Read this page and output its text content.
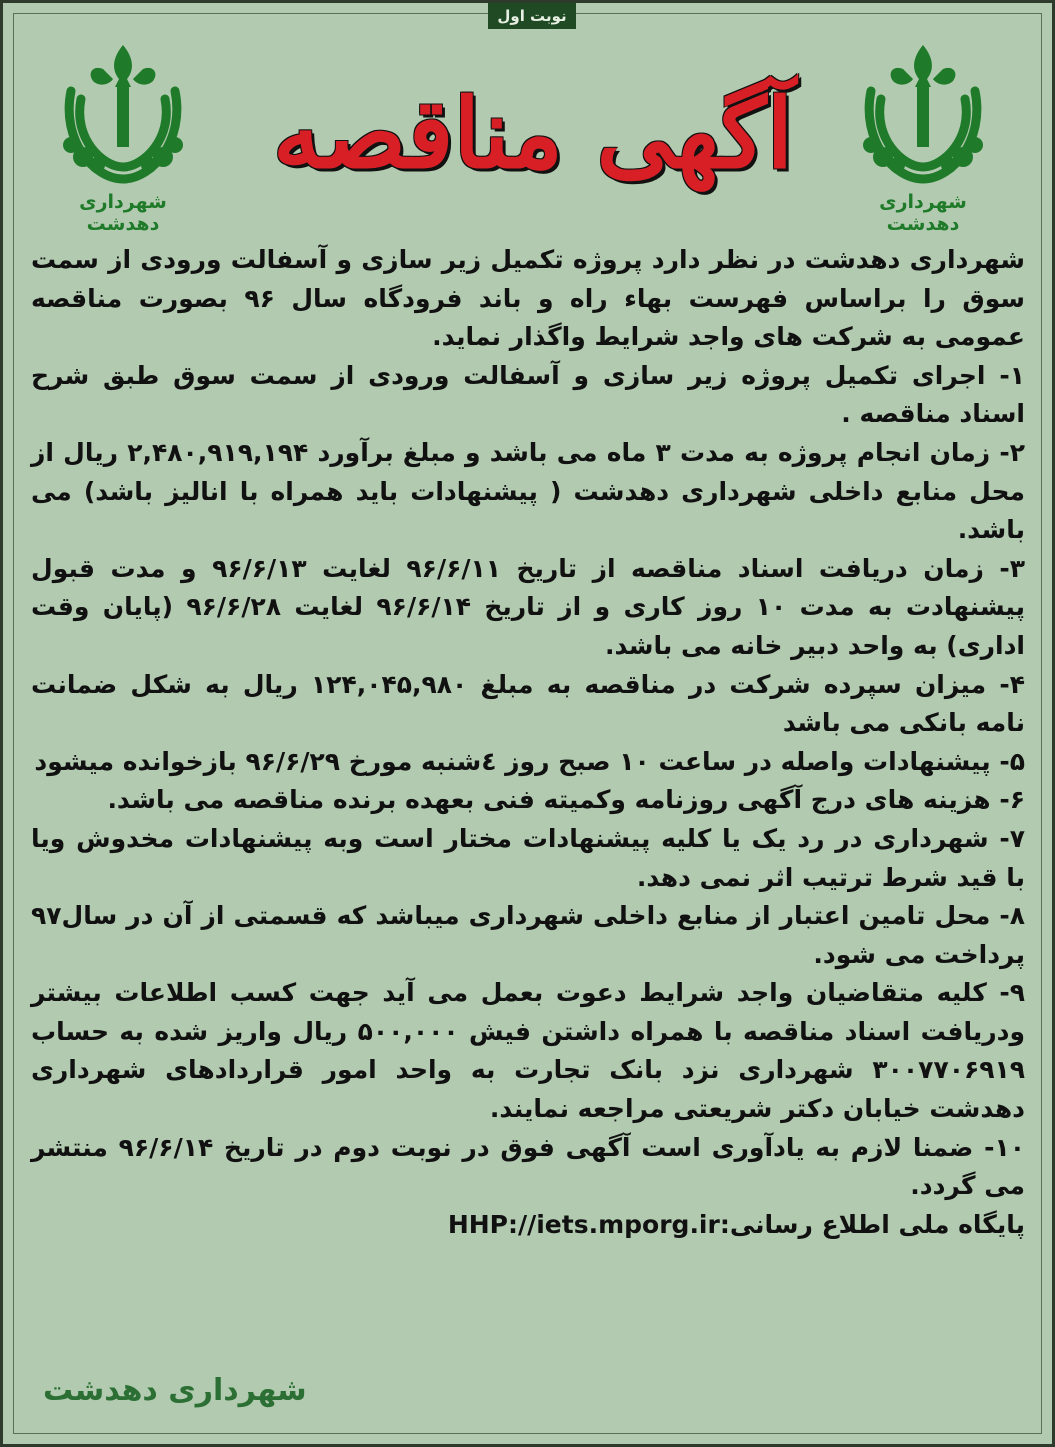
نوبت اول
شهرداری دهدشت
شهرداری دهدشت
آگهی مناقصه

شهرداری دهدشت در نظر دارد پروژه تکمیل زیر سازی و آسفالت ورودی از سمت سوق را براساس فهرست بهاء راه و باند فرودگاه سال ۹۶ بصورت مناقصه عمومی به شرکت های واجد شرایط واگذار نماید.

۱- اجرای تکمیل پروژه زیر سازی و آسفالت ورودی از سمت سوق طبق شرح اسناد مناقصه .

۲- زمان انجام پروژه به مدت ۳ ماه می باشد و مبلغ برآورد ۲,۴۸۰,۹۱۹,۱۹۴ ریال از محل منابع داخلی شهرداری دهدشت ( پیشنهادات باید همراه با انالیز باشد) می باشد.

۳- زمان دریافت اسناد مناقصه از تاریخ ۹۶/۶/۱۱ لغایت ۹۶/۶/۱۳ و مدت قبول پیشنهادت به مدت ۱۰ روز کاری و از تاریخ ۹۶/۶/۱۴ لغایت ۹۶/۶/۲۸ (پایان وقت اداری) به واحد دبیر خانه می باشد.

۴- میزان سپرده شرکت در مناقصه به مبلغ ۱۲۴,۰۴۵,۹۸۰ ریال به شکل ضمانت نامه بانکی می باشد

۵- پیشنهادات واصله در ساعت ۱۰ صبح روز ٤شنبه مورخ ۹۶/۶/۲۹ بازخوانده میشود

۶- هزینه های درج آگهی روزنامه وکمیته فنی بعهده برنده مناقصه می باشد.

۷- شهرداری در رد یک یا کلیه پیشنهادات مختار است وبه پیشنهادات مخدوش ویا با قید شرط ترتیب اثر نمی دهد.

۸- محل تامین اعتبار از منابع داخلی شهرداری میباشد که قسمتی از آن در سال۹۷ پرداخت می شود.

۹- کلیه متقاضیان واجد شرایط دعوت بعمل می آید جهت کسب اطلاعات بیشتر ودریافت اسناد مناقصه با همراه داشتن فیش ۵۰۰,۰۰۰ ریال واریز شده به حساب ۳۰۰۷۷۰۶۹۱۹ شهرداری نزد بانک تجارت به واحد امور قراردادهای شهرداری دهدشت خیابان دکتر شریعتی مراجعه نمایند.

۱۰- ضمنا لازم به یادآوری است آگهی فوق در نوبت دوم در تاریخ ۹۶/۶/۱۴ منتشر می گردد.

پایگاه ملی اطلاع رسانی:HHP://iets.mporg.ir

شهرداری دهدشت
